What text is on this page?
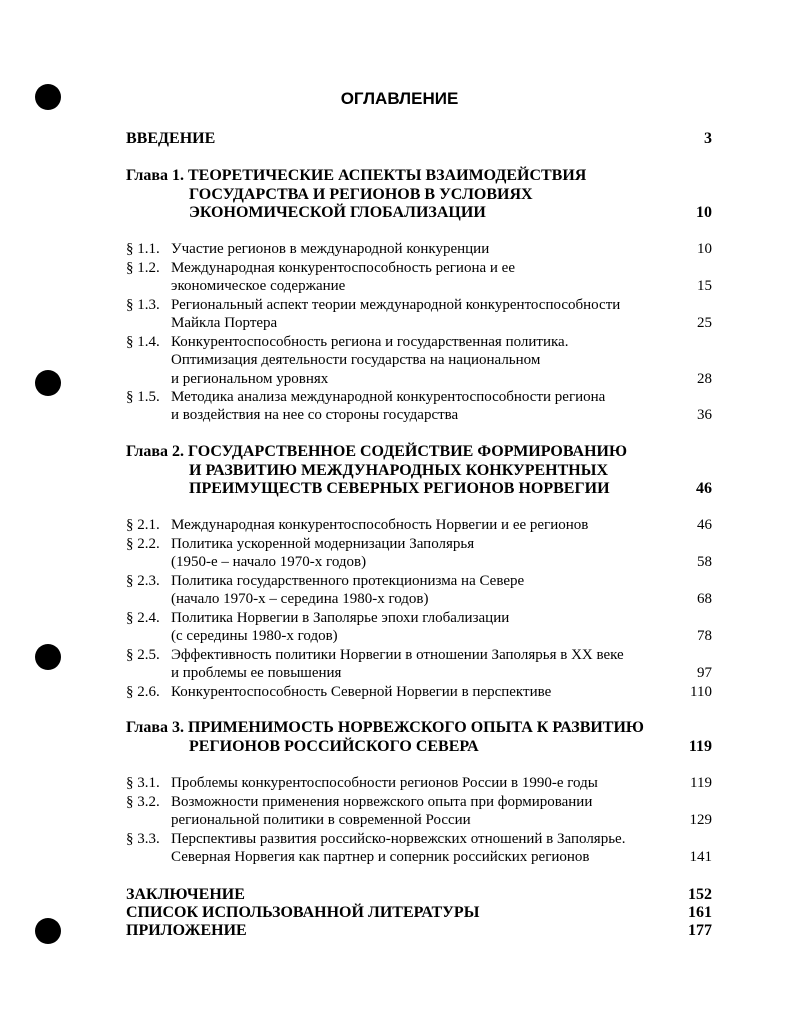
ОГЛАВЛЕНИЕ
ВВЕДЕНИЕ	3
Глава 1. ТЕОРЕТИЧЕСКИЕ АСПЕКТЫ ВЗАИМОДЕЙСТВИЯ
ГОСУДАРСТВА И РЕГИОНОВ В УСЛОВИЯХ
ЭКОНОМИЧЕСКОЙ ГЛОБАЛИЗАЦИИ	10
§ 1.1. Участие регионов в международной конкуренции	10
§ 1.2. Международная конкурентоспособность региона и ее
экономическое содержание	15
§ 1.3. Региональный аспект теории международной конкурентоспособности
Майкла Портера	25
§ 1.4. Конкурентоспособность региона и государственная политика.
Оптимизация деятельности государства на национальном
и региональном уровнях	28
§ 1.5. Методика анализа международной конкурентоспособности региона
и воздействия на нее со стороны государства	36
Глава 2. ГОСУДАРСТВЕННОЕ СОДЕЙСТВИЕ ФОРМИРОВАНИЮ
И РАЗВИТИЮ МЕЖДУНАРОДНЫХ КОНКУРЕНТНЫХ
ПРЕИМУЩЕСТВ СЕВЕРНЫХ РЕГИОНОВ НОРВЕГИИ	46
§ 2.1. Международная конкурентоспособность Норвегии и ее регионов	46
§ 2.2. Политика ускоренной модернизации Заполярья
(1950-е – начало 1970-х годов)	58
§ 2.3. Политика государственного протекционизма на Севере
(начало 1970-х – середина 1980-х годов)	68
§ 2.4. Политика Норвегии в Заполярье эпохи глобализации
(с середины 1980-х годов)	78
§ 2.5. Эффективность политики Норвегии в отношении Заполярья в XX веке
и проблемы ее повышения	97
§ 2.6. Конкурентоспособность Северной Норвегии в перспективе	110
Глава 3. ПРИМЕНИМОСТЬ НОРВЕЖСКОГО ОПЫТА К РАЗВИТИЮ
РЕГИОНОВ РОССИЙСКОГО СЕВЕРА	119
§ 3.1. Проблемы конкурентоспособности регионов России в 1990-е годы	119
§ 3.2. Возможности применения норвежского опыта при формировании
региональной политики в современной России	129
§ 3.3. Перспективы развития российско-норвежских отношений в Заполярье.
Северная Норвегия как партнер и соперник российских регионов	141
ЗАКЛЮЧЕНИЕ	152
СПИСОК ИСПОЛЬЗОВАННОЙ ЛИТЕРАТУРЫ	161
ПРИЛОЖЕНИЕ	177
